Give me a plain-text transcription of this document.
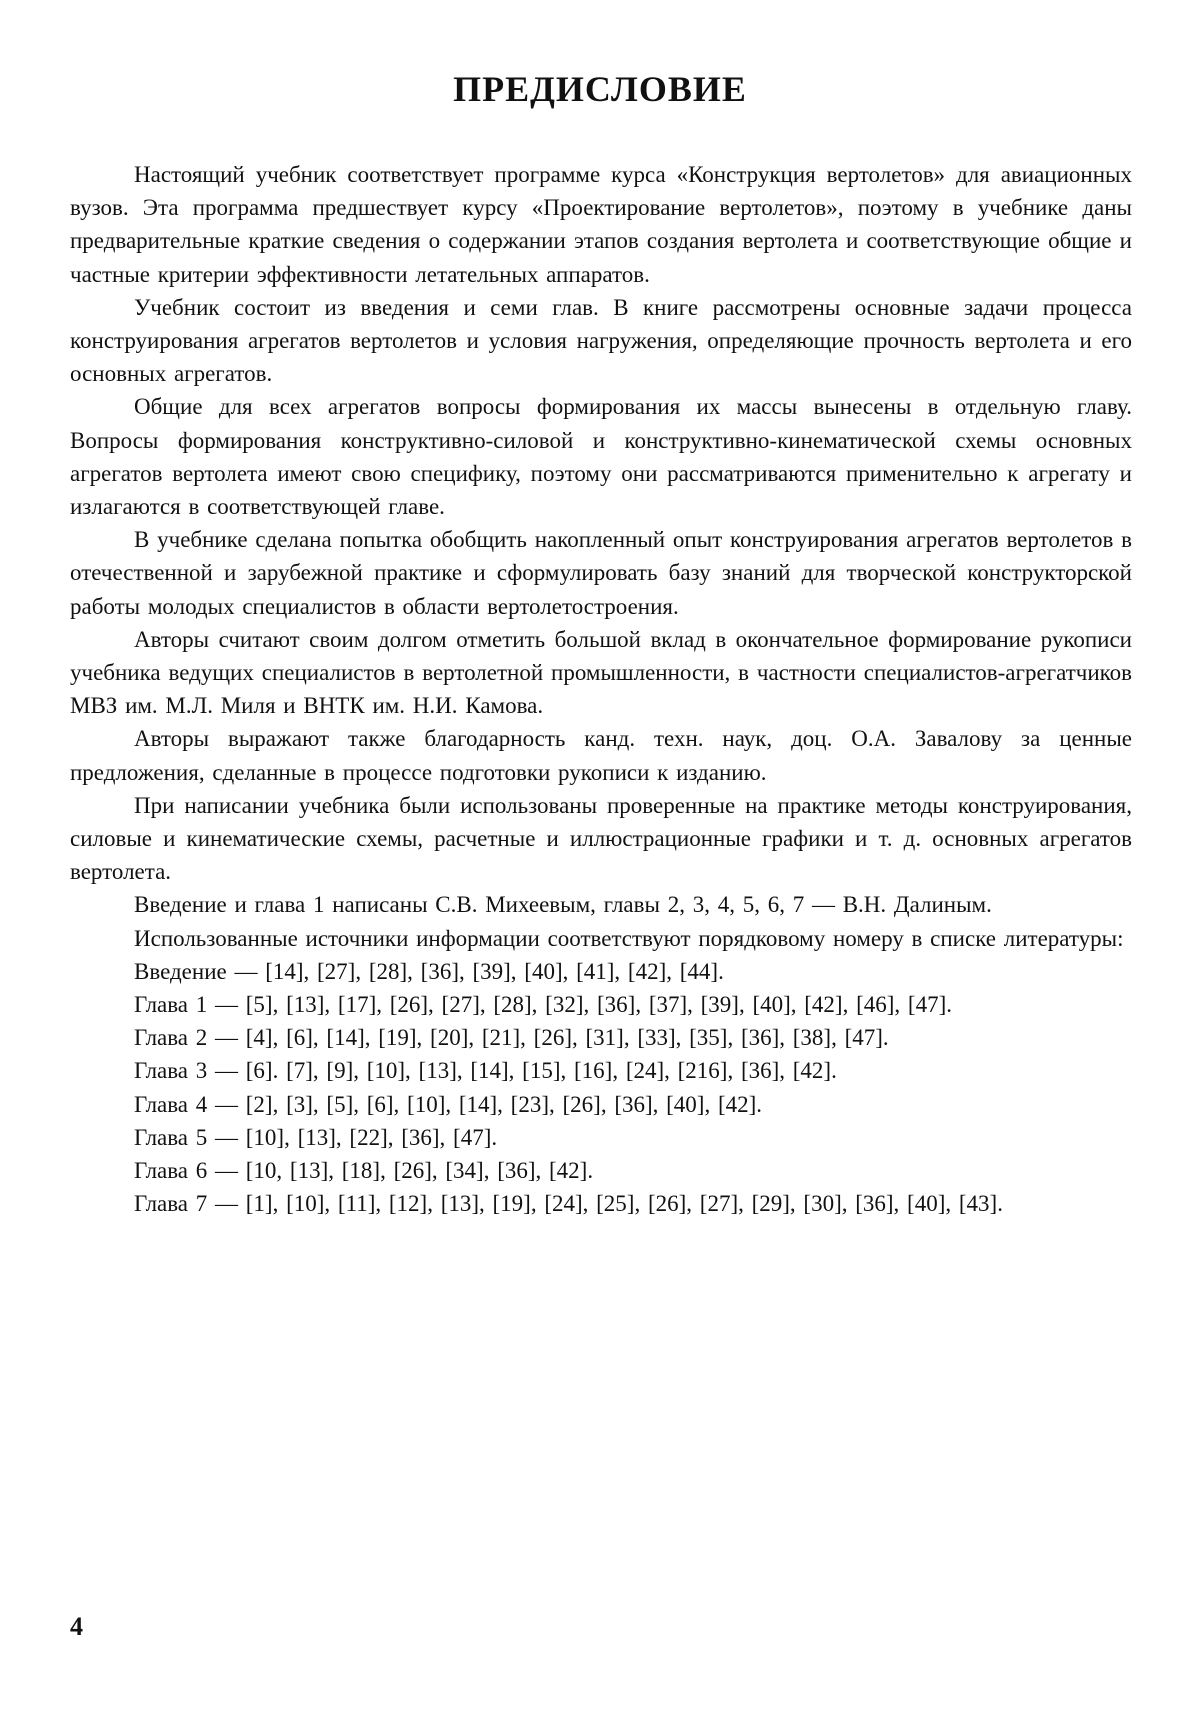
ПРЕДИСЛОВИЕ

Настоящий учебник соответствует программе курса «Конструкция вертолетов» для авиационных вузов. Эта программа предшествует курсу «Проектирование вертолетов», поэтому в учебнике даны предварительные краткие сведения о содержании этапов создания вертолета и соответствующие общие и частные критерии эффективности летательных аппаратов.

Учебник состоит из введения и семи глав. В книге рассмотрены основные задачи процесса конструирования агрегатов вертолетов и условия нагружения, определяющие прочность вертолета и его основных агрегатов.

Общие для всех агрегатов вопросы формирования их массы вынесены в отдельную главу. Вопросы формирования конструктивно-силовой и конструктивно-кинематической схемы основных агрегатов вертолета имеют свою специфику, поэтому они рассматриваются применительно к агрегату и излагаются в соответствующей главе.

В учебнике сделана попытка обобщить накопленный опыт конструирования агрегатов вертолетов в отечественной и зарубежной практике и сформулировать базу знаний для творческой конструкторской работы молодых специалистов в области вертолетостроения.

Авторы считают своим долгом отметить большой вклад в окончательное формирование рукописи учебника ведущих специалистов в вертолетной промышленности, в частности специалистов-агрегатчиков МВЗ им. М.Л. Миля и ВНТК им. Н.И. Камова.

Авторы выражают также благодарность канд. техн. наук, доц. О.А. Завалову за ценные предложения, сделанные в процессе подготовки рукописи к изданию.

При написании учебника были использованы проверенные на практике методы конструирования, силовые и кинематические схемы, расчетные и иллюстрационные графики и т. д. основных агрегатов вертолета.

Введение и глава 1 написаны С.В. Михеевым, главы 2, 3, 4, 5, 6, 7 — В.Н. Далиным.

Использованные источники информации соответствуют порядковому номеру в списке литературы:

Введение — [14], [27], [28], [36], [39], [40], [41], [42], [44].

Глава 1 — [5], [13], [17], [26], [27], [28], [32], [36], [37], [39], [40], [42], [46], [47].

Глава 2 — [4], [6], [14], [19], [20], [21], [26], [31], [33], [35], [36], [38], [47].

Глава 3 — [6]. [7], [9], [10], [13], [14], [15], [16], [24], [216], [36], [42].

Глава 4 — [2], [3], [5], [6], [10], [14], [23], [26], [36], [40], [42].

Глава 5 — [10], [13], [22], [36], [47].

Глава 6 — [10, [13], [18], [26], [34], [36], [42].

Глава 7 — [1], [10], [11], [12], [13], [19], [24], [25], [26], [27], [29], [30], [36], [40], [43].

4
